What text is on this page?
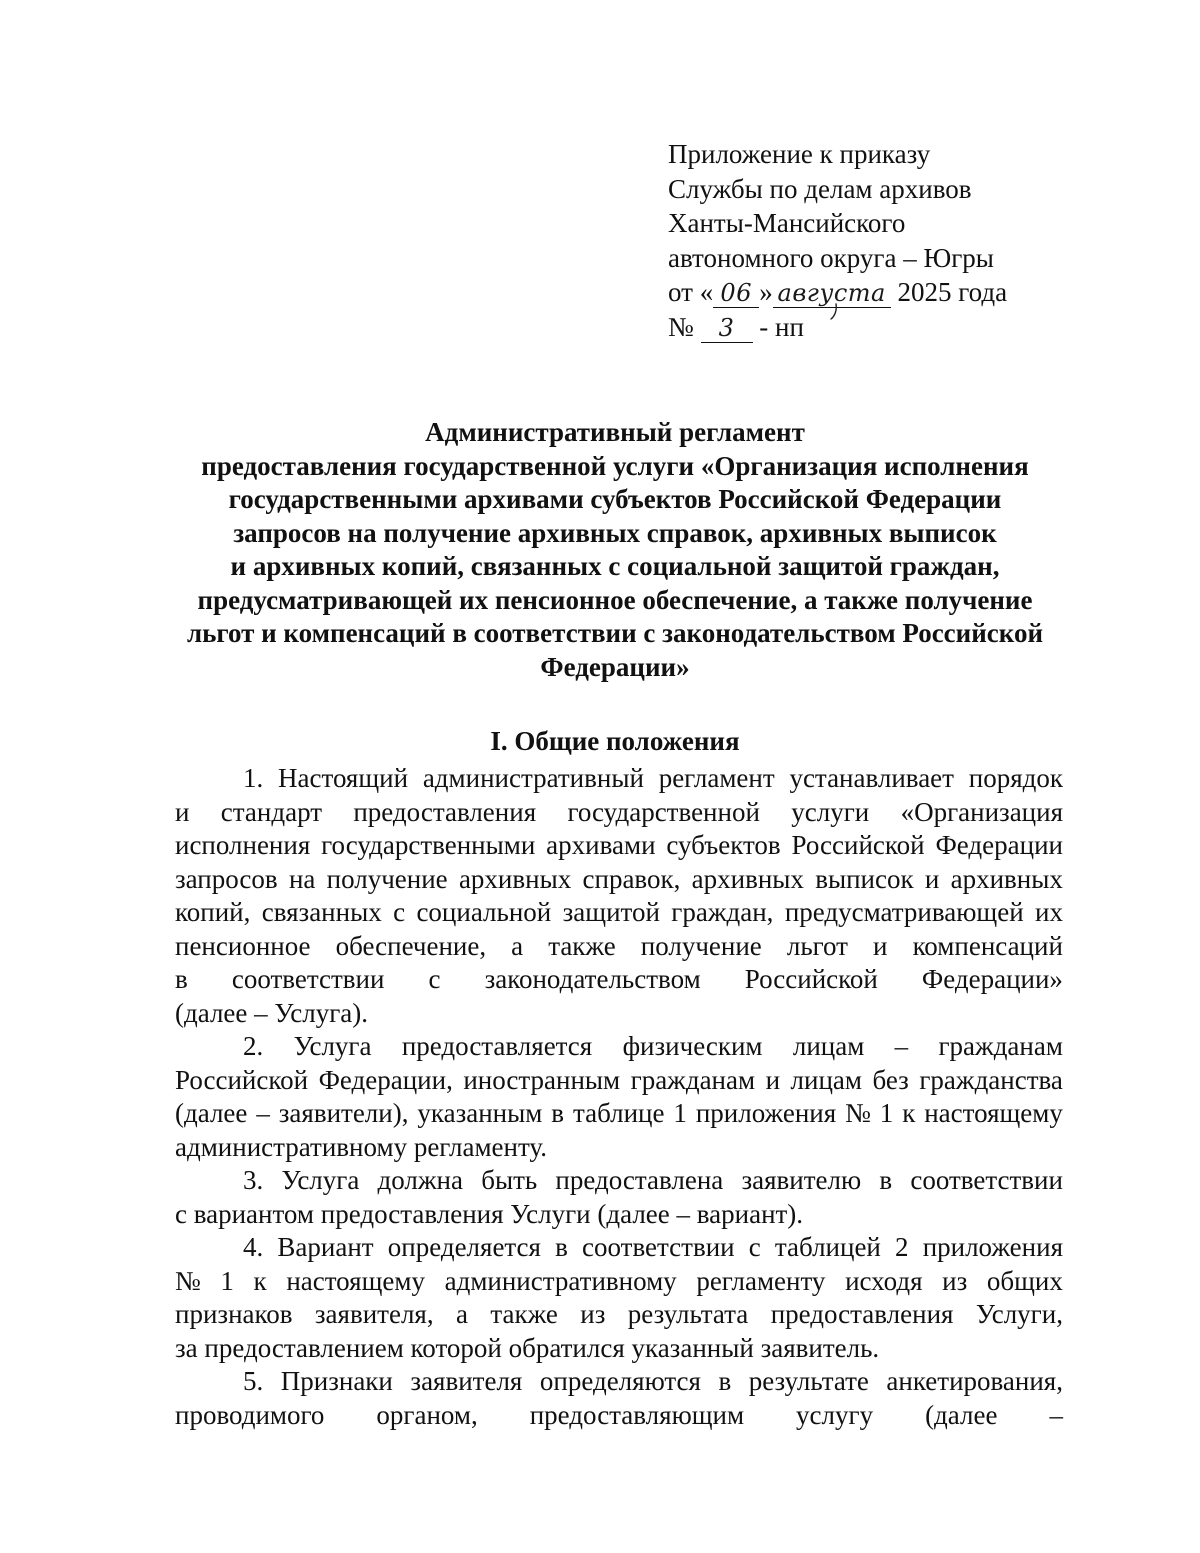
Приложение к приказу
Службы по делам архивов
Ханты-Мансийского
автономного округа – Югры
от « 06 » августа 2025 года
№ 3 - нп
Административный регламент
предоставления государственной услуги «Организация исполнения
государственными архивами субъектов Российской Федерации
запросов на получение архивных справок, архивных выписок
и архивных копий, связанных с социальной защитой граждан,
предусматривающей их пенсионное обеспечение, а также получение
льгот и компенсаций в соответствии с законодательством Российской
Федерации»
I. Общие положения
1. Настоящий административный регламент устанавливает порядок
и стандарт предоставления государственной услуги «Организация
исполнения государственными архивами субъектов Российской Федерации
запросов на получение архивных справок, архивных выписок и архивных
копий, связанных с социальной защитой граждан, предусматривающей их
пенсионное обеспечение, а также получение льгот и компенсаций
в соответствии с законодательством Российской Федерации»
(далее – Услуга).
2. Услуга предоставляется физическим лицам – гражданам
Российской Федерации, иностранным гражданам и лицам без гражданства
(далее – заявители), указанным в таблице 1 приложения № 1 к настоящему
административному регламенту.
3. Услуга должна быть предоставлена заявителю в соответствии
с вариантом предоставления Услуги (далее – вариант).
4. Вариант определяется в соответствии с таблицей 2 приложения
№ 1 к настоящему административному регламенту исходя из общих
признаков заявителя, а также из результата предоставления Услуги,
за предоставлением которой обратился указанный заявитель.
5. Признаки заявителя определяются в результате анкетирования,
проводимого органом, предоставляющим услугу (далее –
